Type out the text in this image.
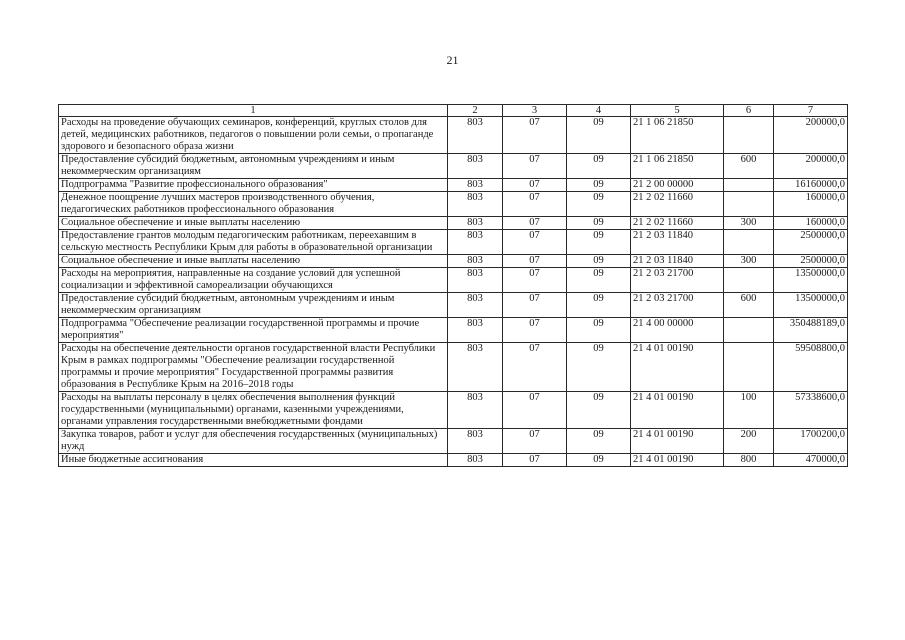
21
1	2	3	4	5	6	7
Расходы на проведение обучающих семинаров, конференций, круглых столов для детей, медицинских работников, педагогов о повышении роли семьи, о пропаганде здорового и безопасного образа жизни	803	07	09	21 1 06 21850		200000,0
Предоставление субсидий бюджетным, автономным учреждениям и иным некоммерческим организациям	803	07	09	21 1 06 21850	600	200000,0
Подпрограмма "Развитие профессионального образования"	803	07	09	21 2 00 00000		16160000,0
Денежное поощрение лучших мастеров производственного обучения, педагогических работников профессионального образования	803	07	09	21 2 02 11660		160000,0
Социальное обеспечение и иные выплаты населению	803	07	09	21 2 02 11660	300	160000,0
Предоставление грантов молодым педагогическим работникам, переехавшим в сельскую местность Республики Крым для работы в образовательной организации	803	07	09	21 2 03 11840		2500000,0
Социальное обеспечение и иные выплаты населению	803	07	09	21 2 03 11840	300	2500000,0
Расходы на мероприятия, направленные на создание условий для успешной социализации и эффективной самореализации обучающихся	803	07	09	21 2 03 21700		13500000,0
Предоставление субсидий бюджетным, автономным учреждениям и иным некоммерческим организациям	803	07	09	21 2 03 21700	600	13500000,0
Подпрограмма "Обеспечение реализации государственной программы и прочие мероприятия"	803	07	09	21 4 00 00000		350488189,0
Расходы на обеспечение деятельности органов государственной власти Республики Крым в рамках подпрограммы "Обеспечение реализации государственной программы и прочие мероприятия" Государственной программы развития образования в Республике Крым на 2016–2018 годы	803	07	09	21 4 01 00190		59508800,0
Расходы на выплаты персоналу в целях обеспечения выполнения функций государственными (муниципальными) органами, казенными учреждениями, органами управления государственными внебюджетными фондами	803	07	09	21 4 01 00190	100	57338600,0
Закупка товаров, работ и услуг для обеспечения государственных (муниципальных) нужд	803	07	09	21 4 01 00190	200	1700200,0
Иные бюджетные ассигнования	803	07	09	21 4 01 00190	800	470000,0
